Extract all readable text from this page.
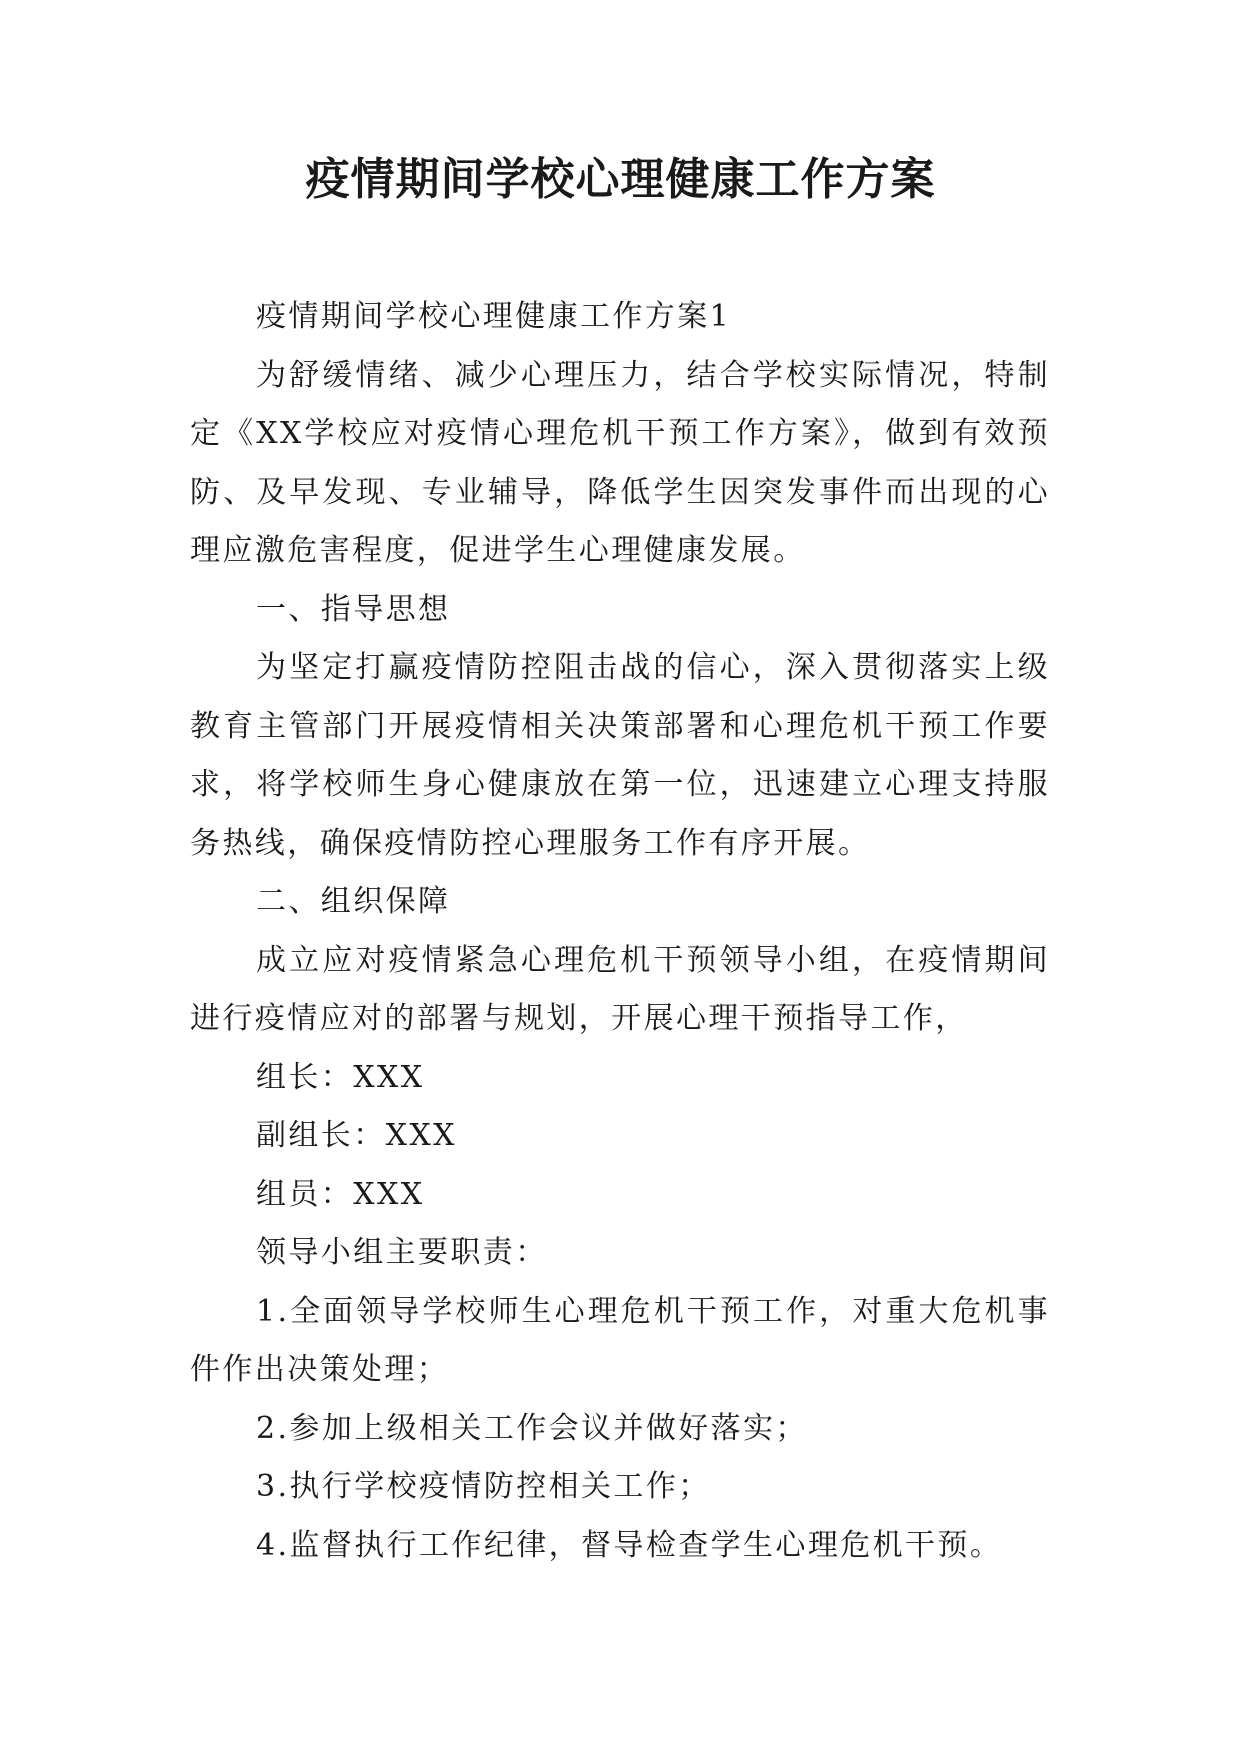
疫情期间学校心理健康工作方案

疫情期间学校心理健康工作方案1

为舒缓情绪、减少心理压力，结合学校实际情况，特制定《XX学校应对疫情心理危机干预工作方案》，做到有效预防、及早发现、专业辅导，降低学生因突发事件而出现的心理应激危害程度，促进学生心理健康发展。

一、指导思想

为坚定打赢疫情防控阻击战的信心，深入贯彻落实上级教育主管部门开展疫情相关决策部署和心理危机干预工作要求，将学校师生身心健康放在第一位，迅速建立心理支持服务热线，确保疫情防控心理服务工作有序开展。

二、组织保障

成立应对疫情紧急心理危机干预领导小组，在疫情期间进行疫情应对的部署与规划，开展心理干预指导工作，

组长：XXX

副组长：XXX

组员：XXX

领导小组主要职责：

1.全面领导学校师生心理危机干预工作，对重大危机事件作出决策处理；

2.参加上级相关工作会议并做好落实；

3.执行学校疫情防控相关工作；

4.监督执行工作纪律，督导检查学生心理危机干预。
